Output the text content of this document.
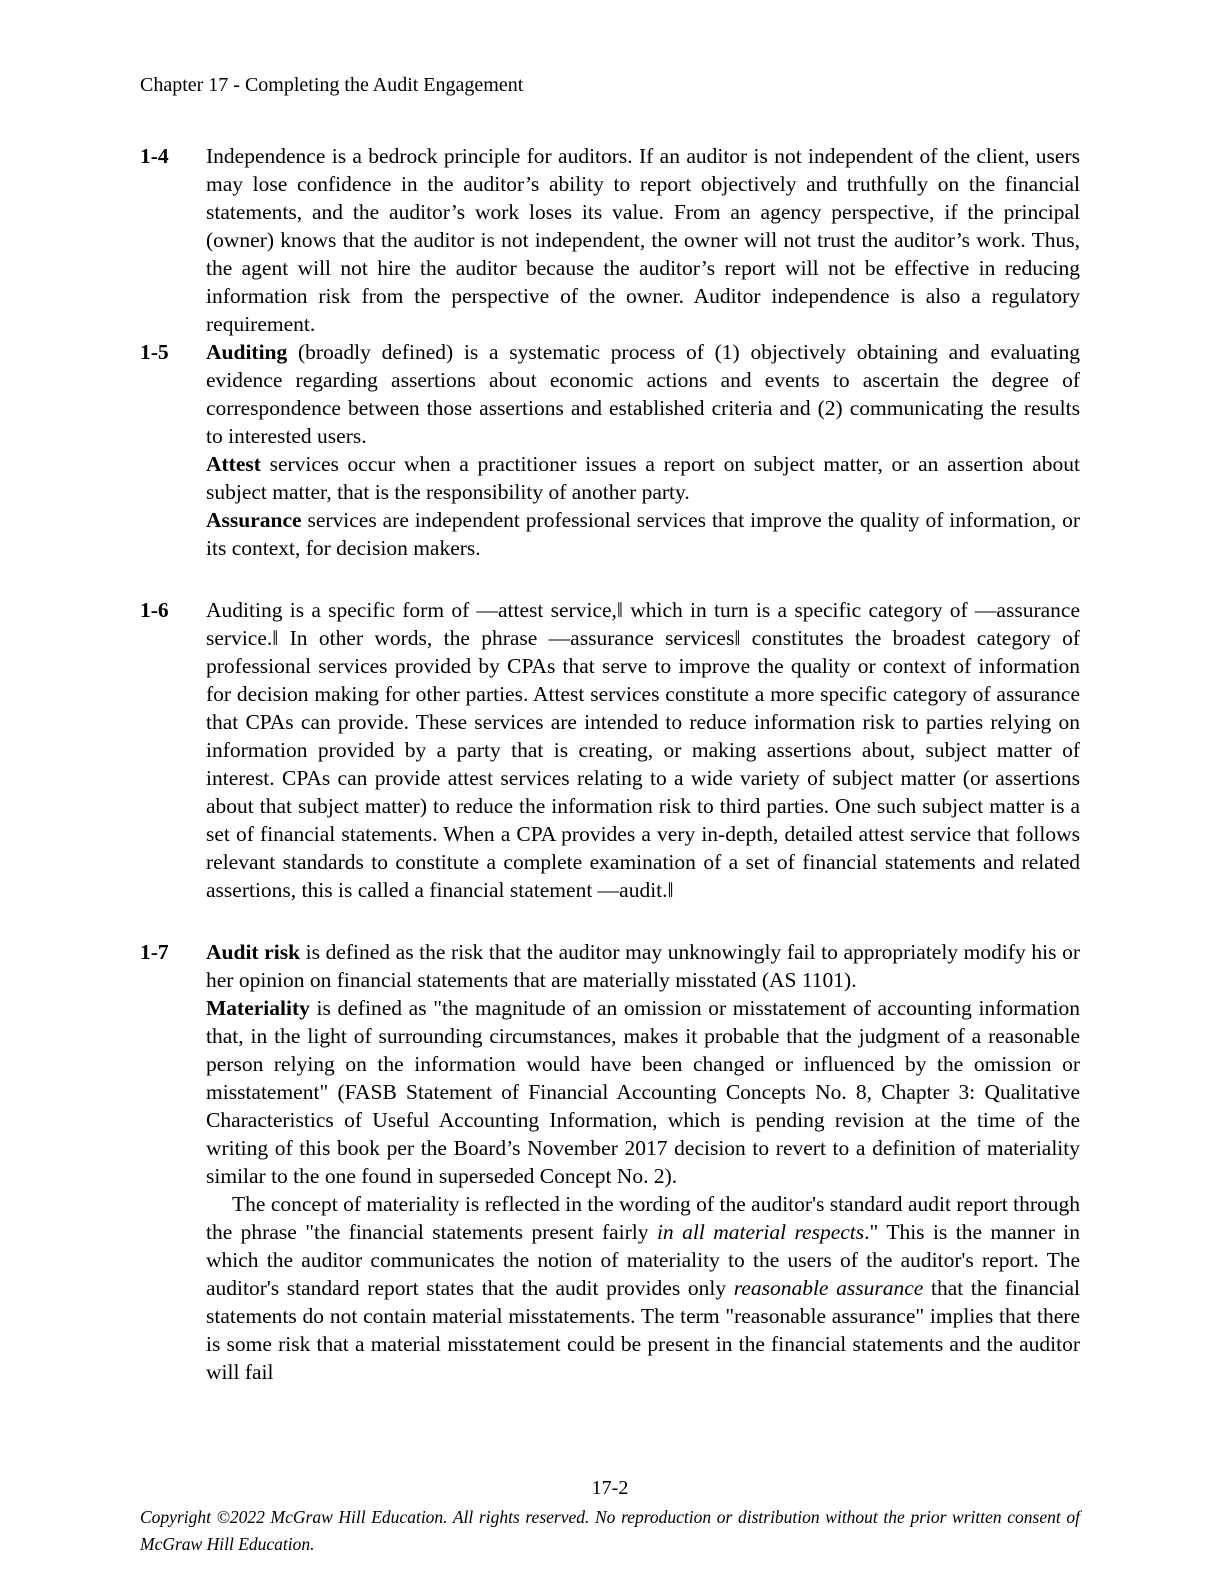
Chapter 17 - Completing the Audit Engagement
1-4	Independence is a bedrock principle for auditors. If an auditor is not independent of the client, users may lose confidence in the auditor’s ability to report objectively and truthfully on the financial statements, and the auditor’s work loses its value. From an agency perspective, if the principal (owner) knows that the auditor is not independent, the owner will not trust the auditor’s work. Thus, the agent will not hire the auditor because the auditor’s report will not be effective in reducing information risk from the perspective of the owner. Auditor independence is also a regulatory requirement.

1-5	Auditing (broadly defined) is a systematic process of (1) objectively obtaining and evaluating evidence regarding assertions about economic actions and events to ascertain the degree of correspondence between those assertions and established criteria and (2) communicating the results to interested users.

Attest services occur when a practitioner issues a report on subject matter, or an assertion about subject matter, that is the responsibility of another party.

Assurance services are independent professional services that improve the quality of information, or its context, for decision makers.

1-6	Auditing is a specific form of ―attest service,‖ which in turn is a specific category of ―assurance service.‖ In other words, the phrase ―assurance services‖ constitutes the broadest category of professional services provided by CPAs that serve to improve the quality or context of information for decision making for other parties. Attest services constitute a more specific category of assurance that CPAs can provide. These services are intended to reduce information risk to parties relying on information provided by a party that is creating, or making assertions about, subject matter of interest. CPAs can provide attest services relating to a wide variety of subject matter (or assertions about that subject matter) to reduce the information risk to third parties. One such subject matter is a set of financial statements. When a CPA provides a very in-depth, detailed attest service that follows relevant standards to constitute a complete examination of a set of financial statements and related assertions, this is called a financial statement ―audit.‖

1-7	Audit risk is defined as the risk that the auditor may unknowingly fail to appropriately modify his or her opinion on financial statements that are materially misstated (AS 1101).

Materiality is defined as "the magnitude of an omission or misstatement of accounting information that, in the light of surrounding circumstances, makes it probable that the judgment of a reasonable person relying on the information would have been changed or influenced by the omission or misstatement" (FASB Statement of Financial Accounting Concepts No. 8, Chapter 3: Qualitative Characteristics of Useful Accounting Information, which is pending revision at the time of the writing of this book per the Board’s November 2017 decision to revert to a definition of materiality similar to the one found in superseded Concept No. 2).

The concept of materiality is reflected in the wording of the auditor's standard audit report through the phrase "the financial statements present fairly in all material respects." This is the manner in which the auditor communicates the notion of materiality to the users of the auditor's report. The auditor's standard report states that the audit provides only reasonable assurance that the financial statements do not contain material misstatements. The term "reasonable assurance" implies that there is some risk that a material misstatement could be present in the financial statements and the auditor will fail

17-2
Copyright ©2022 McGraw Hill Education. All rights reserved. No reproduction or distribution without the prior written consent of McGraw Hill Education.
